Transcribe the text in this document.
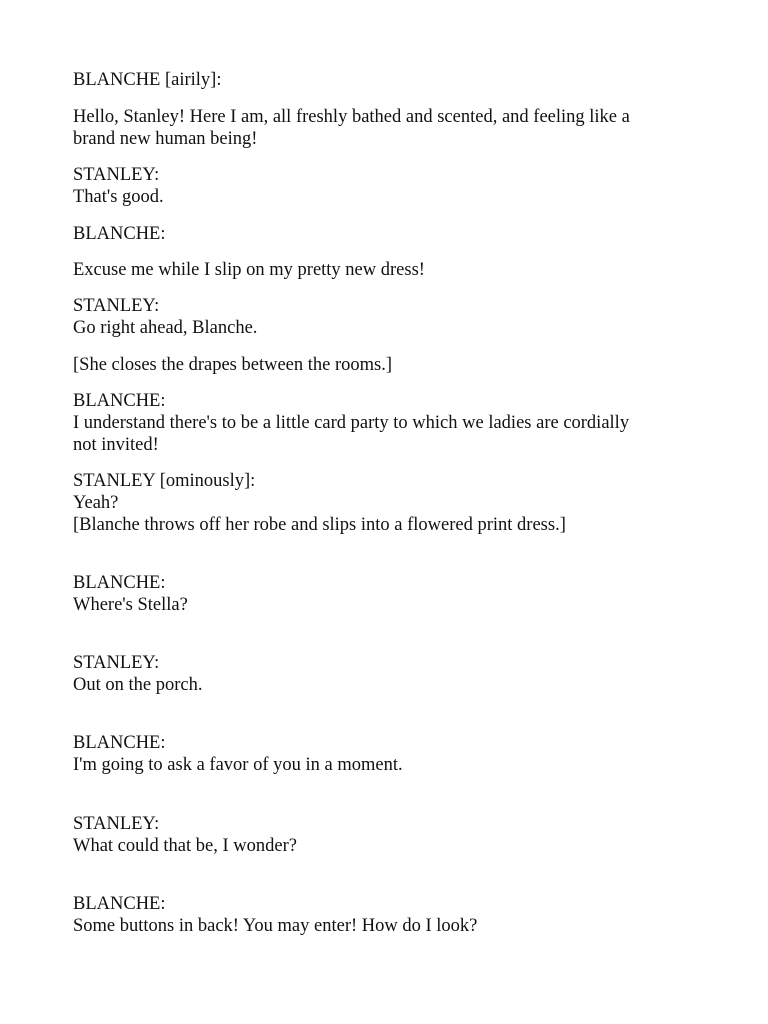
BLANCHE [airily]:
Hello, Stanley! Here I am, all freshly bathed and scented, and feeling like a
brand new human being!
STANLEY:
That's good.
BLANCHE:
Excuse me while I slip on my pretty new dress!
STANLEY:
Go right ahead, Blanche.
[She closes the drapes between the rooms.]
BLANCHE:
I understand there's to be a little card party to which we ladies are cordially
not invited!
STANLEY [ominously]:
Yeah?
[Blanche throws off her robe and slips into a flowered print dress.]
BLANCHE:
Where's Stella?
STANLEY:
Out on the porch.
BLANCHE:
I'm going to ask a favor of you in a moment.
STANLEY:
What could that be, I wonder?
BLANCHE:
Some buttons in back! You may enter! How do I look?
